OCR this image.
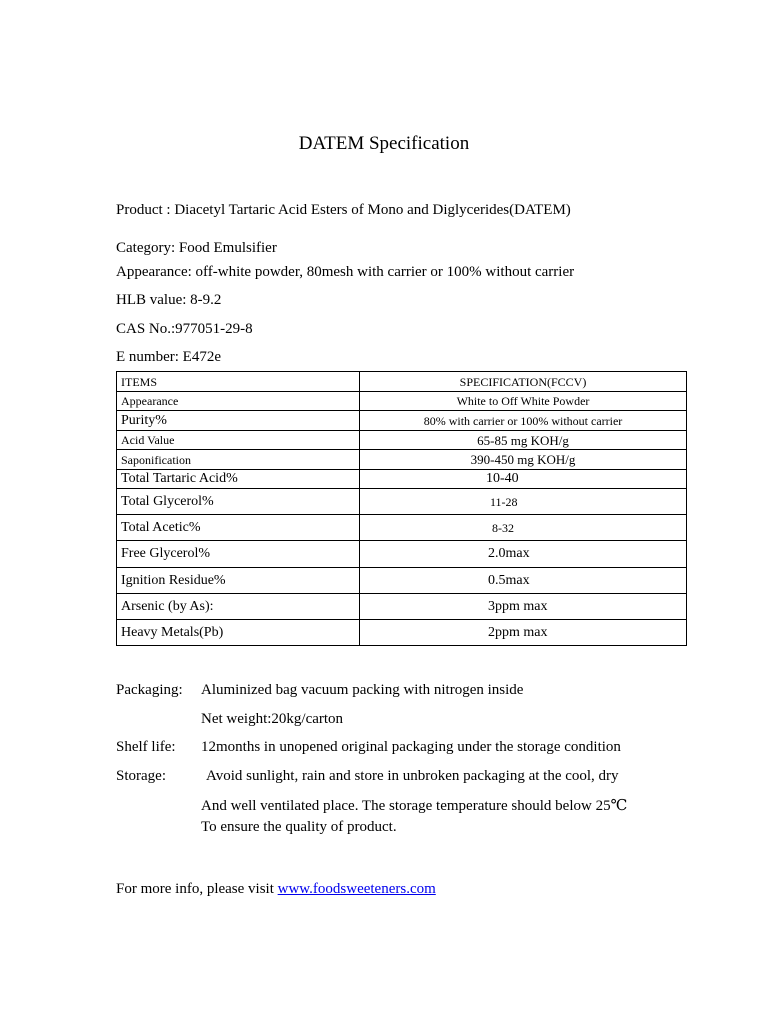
DATEM Specification
Product : Diacetyl Tartaric Acid Esters of Mono and Diglycerides(DATEM)
Category: Food Emulsifier
Appearance: off-white powder, 80mesh with carrier or 100% without carrier
HLB value: 8-9.2
CAS No.:977051-29-8
E number: E472e
ITEMS	SPECIFICATION(FCCV)
Appearance	White to Off White Powder
Purity%	80% with carrier or 100% without carrier
Acid Value	65-85 mg KOH/g
Saponification	390-450 mg KOH/g
Total Tartaric Acid%	10-40
Total Glycerol%	11-28
Total Acetic%	8-32
Free Glycerol%	2.0max
Ignition Residue%	0.5max
Arsenic (by As):	3ppm max
Heavy Metals(Pb)	2ppm max
Packaging: Aluminized bag vacuum packing with nitrogen inside
Net weight:20kg/carton
Shelf life: 12months in unopened original packaging under the storage condition
Storage:	Avoid sunlight, rain and store in unbroken packaging at the cool, dry
And well ventilated place. The storage temperature should below 25℃
To ensure the quality of product.
For more info, please visit www.foodsweeteners.com
